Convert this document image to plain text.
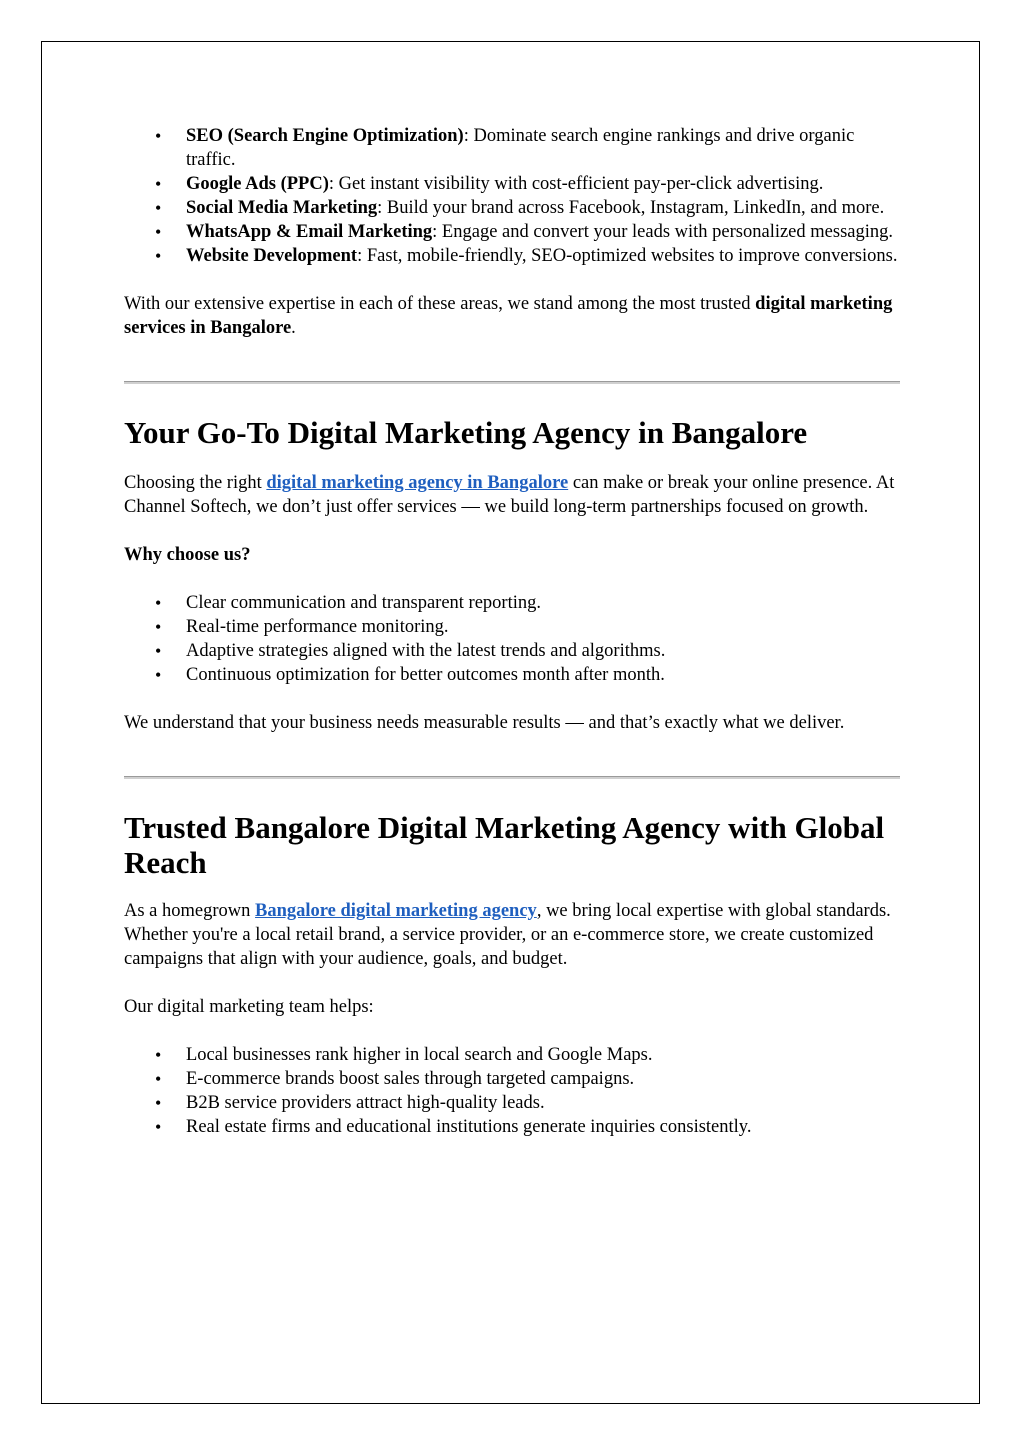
• SEO (Search Engine Optimization): Dominate search engine rankings and drive organic traffic.
• Google Ads (PPC): Get instant visibility with cost-efficient pay-per-click advertising.
• Social Media Marketing: Build your brand across Facebook, Instagram, LinkedIn, and more.
• WhatsApp & Email Marketing: Engage and convert your leads with personalized messaging.
• Website Development: Fast, mobile-friendly, SEO-optimized websites to improve conversions.

With our extensive expertise in each of these areas, we stand among the most trusted digital marketing services in Bangalore.

Your Go-To Digital Marketing Agency in Bangalore

Choosing the right digital marketing agency in Bangalore can make or break your online presence. At Channel Softech, we don’t just offer services — we build long-term partnerships focused on growth.

Why choose us?

• Clear communication and transparent reporting.
• Real-time performance monitoring.
• Adaptive strategies aligned with the latest trends and algorithms.
• Continuous optimization for better outcomes month after month.

We understand that your business needs measurable results — and that’s exactly what we deliver.

Trusted Bangalore Digital Marketing Agency with Global Reach

As a homegrown Bangalore digital marketing agency, we bring local expertise with global standards. Whether you're a local retail brand, a service provider, or an e-commerce store, we create customized campaigns that align with your audience, goals, and budget.

Our digital marketing team helps:

• Local businesses rank higher in local search and Google Maps.
• E-commerce brands boost sales through targeted campaigns.
• B2B service providers attract high-quality leads.
• Real estate firms and educational institutions generate inquiries consistently.
